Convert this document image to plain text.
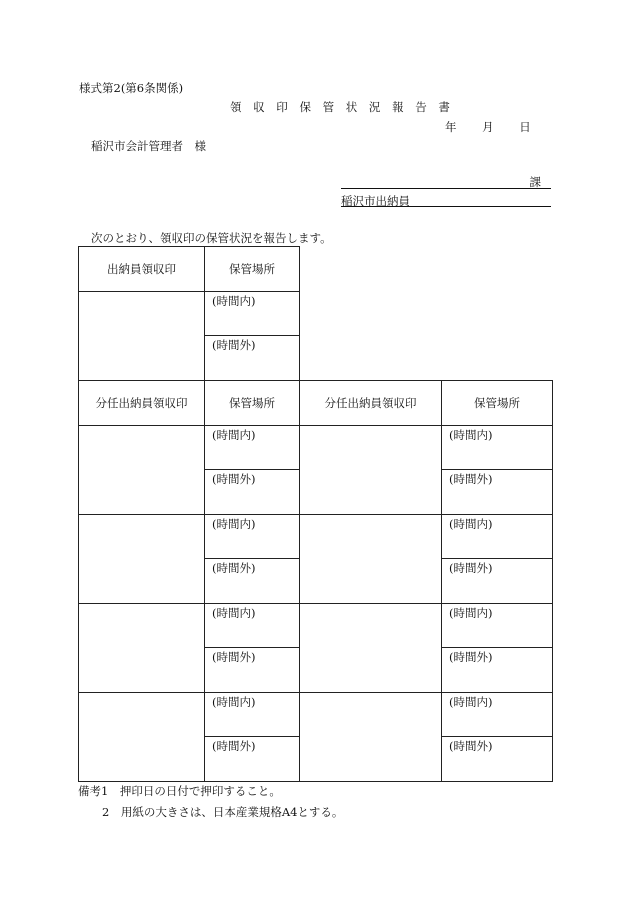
様式第2(第6条関係)
領 収 印 保 管 状 況 報 告 書
年 月 日
稲沢市会計管理者　様
課
稲沢市出納員
次のとおり、領収印の保管状況を報告します。
出納員領収印	保管場所
	(時間内)
	(時間外)
分任出納員領収印	保管場所	分任出納員領収印	保管場所
	(時間内)		(時間内)
	(時間外)		(時間外)
	(時間内)		(時間内)
	(時間外)		(時間外)
	(時間内)		(時間内)
	(時間外)		(時間外)
	(時間内)		(時間内)
	(時間外)		(時間外)
備考1　押印日の日付で押印すること。
2　用紙の大きさは、日本産業規格A4とする。
